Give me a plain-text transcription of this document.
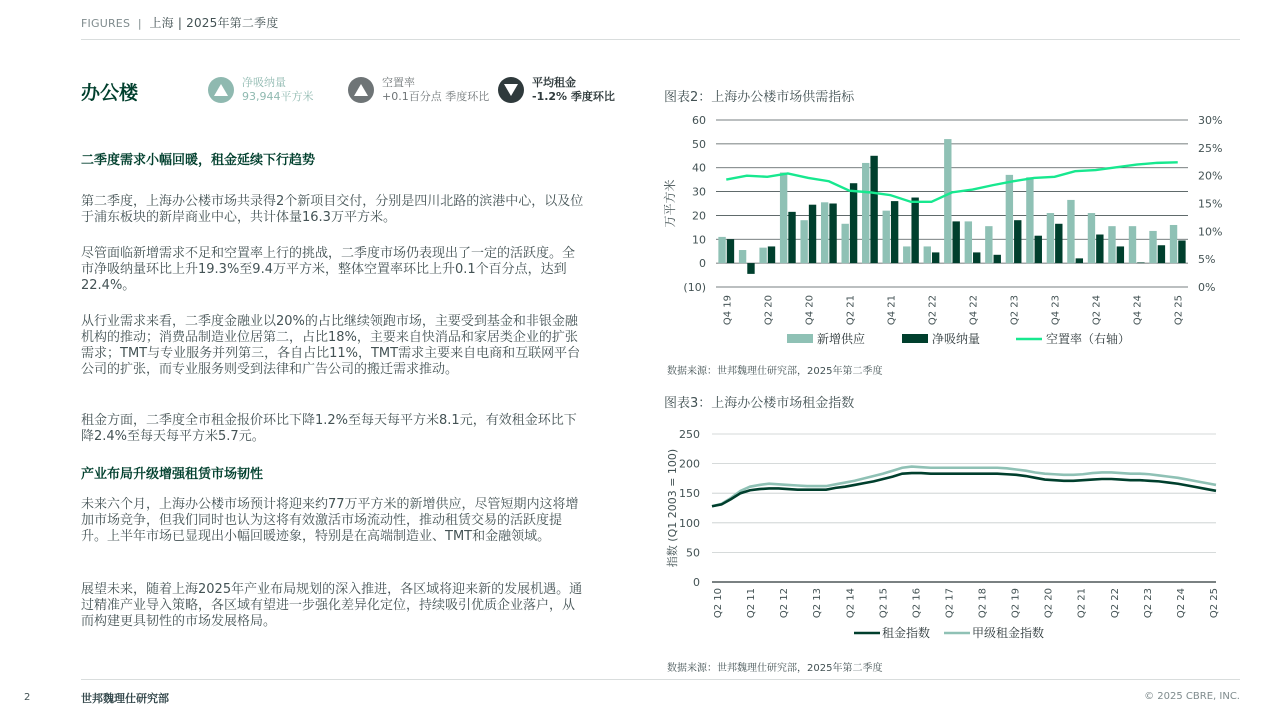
FIGURES | 上海 | 2025年第二季度
办公楼	净吸纳量
93,944平方米
空置率
+0.1百分点 季度环比
平均租金
-1.2% 季度环比
二季度需求小幅回暖，租金延续下行趋势

第二季度，上海办公楼市场共录得2个新项目交付，分别是四川北路的滨港中心，以及位于浦东板块的新岸商业中心，共计体量16.3万平方米。

尽管面临新增需求不足和空置率上行的挑战，二季度市场仍表现出了一定的活跃度。全市净吸纳量环比上升19.3%至9.4万平方米，整体空置率环比上升0.1个百分点，达到22.4%。

从行业需求来看，二季度金融业以20%的占比继续领跑市场，主要受到基金和非银金融机构的推动；消费品制造业位居第二，占比18%，主要来自快消品和家居类企业的扩张需求；TMT与专业服务并列第三，各自占比11%，TMT需求主要来自电商和互联网平台公司的扩张，而专业服务则受到法律和广告公司的搬迁需求推动。

租金方面，二季度全市租金报价环比下降1.2%至每天每平方米8.1元，有效租金环比下降2.4%至每天每平方米5.7元。

产业布局升级增强租赁市场韧性

未来六个月，上海办公楼市场预计将迎来约77万平方米的新增供应，尽管短期内这将增加市场竞争，但我们同时也认为这将有效激活市场流动性，推动租赁交易的活跃度提升。上半年市场已显现出小幅回暖迹象，特别是在高端制造业、TMT和金融领域。

展望未来，随着上海2025年产业布局规划的深入推进，各区域将迎来新的发展机遇。通过精准产业导入策略，各区域有望进一步强化差异化定位，持续吸引优质企业落户，从而构建更具韧性的市场发展格局。

图表2：上海办公楼市场供需指标
60
50
40
30
20
10
0
(10)
30%
25%
20%
15%
10%
5%
0%
万平方米
Q4 19	Q2 20	Q4 20	Q2 21	Q4 21	Q2 22	Q4 22	Q2 23	Q4 23	Q2 24	Q4 24	Q2 25
新增供应	净吸纳量	空置率（右轴）
数据来源：世邦魏理仕研究部，2025年第二季度
图表3：上海办公楼市场租金指数
250
200
150
100
50
0
指数 (Q1 2003 = 100)
Q2 10 Q2 11 Q2 12 Q2 13 Q2 14 Q2 15 Q2 16 Q2 17 Q2 18 Q2 19 Q2 20 Q2 21 Q2 22 Q2 23 Q2 24 Q2 25
租金指数	甲级租金指数
数据来源：世邦魏理仕研究部，2025年第二季度
2	世邦魏理仕研究部	© 2025 CBRE, INC.
